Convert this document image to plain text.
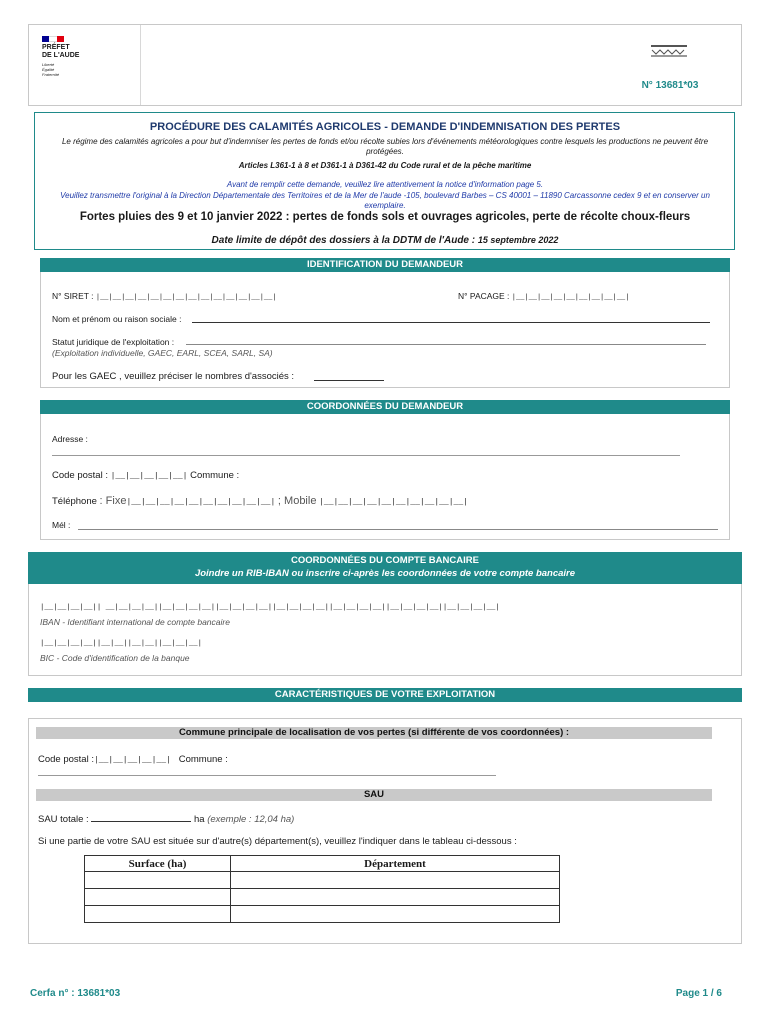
PRÉFET
DE L'AUDE
Liberté
Égalité
Fraternité
N° 13681*03
PROCÉDURE DES CALAMITÉS AGRICOLES - DEMANDE D'INDEMNISATION DES PERTES
Le régime des calamités agricoles a pour but d'indemniser les pertes de fonds et/ou récolte subies lors d'événements météorologiques contre lesquels les productions ne peuvent être protégées.
Articles L361-1 à 8 et D361-1 à D361-42 du Code rural et de la pêche maritime
Avant de remplir cette demande, veuillez lire attentivement la notice d'information page 5.
Veuillez transmettre l'original à la Direction Départementale des Territoires et de la Mer de l'aude -105, boulevard Barbes – CS 40001 – 11890 Carcassonne cedex 9 et en conserver un exemplaire.
Fortes pluies des 9 et 10 janvier 2022 : pertes de fonds sols et ouvrages agricoles, perte de récolte choux-fleurs
Date limite de dépôt des dossiers à la DDTM de l'Aude : 15 septembre 2022
IDENTIFICATION DU DEMANDEUR
N° SIRET : |__|__|__|__|__|__|__|__|__|__|__|__|__|__|	N° PACAGE : |__|__|__|__|__|__|__|__|__|
Nom et prénom ou raison sociale :
Statut juridique de l'exploitation :
(Exploitation individuelle, GAEC, EARL, SCEA, SARL, SA)
Pour les GAEC , veuillez préciser le nombres d'associés :
COORDONNÉES DU DEMANDEUR
Adresse :
Code postal : |__|__|__|__|__| Commune :
Téléphone : Fixe|__|__|__|__|__|__|__|__|__|__| ; Mobile |__|__|__|__|__|__|__|__|__|__|
Mél :
COORDONNÉES DU COMPTE BANCAIRE
Joindre un RIB-IBAN ou inscrire ci-après les coordonnées de votre compte bancaire
|__|__|__|__|| __|__|__|__||__|__|__|__||__|__|__|__||__|__|__|__||__|__|__|__||__|__|__|__||__|__|__|__|
IBAN - Identifiant international de compte bancaire
|__|__|__|__||__|__||__|__||__|__|__|
BIC - Code d'identification de la banque
CARACTÉRISTIQUES DE VOTRE EXPLOITATION
Commune principale de localisation de vos pertes (si différente de vos coordonnées) :
Code postal :|__|__|__|__|__| Commune :
SAU
SAU totale :	ha (exemple : 12,04 ha)
Si une partie de votre SAU est située sur d'autre(s) département(s), veuillez l'indiquer dans le tableau ci-dessous :
Surface (ha)	Département

Cerfa n° : 13681*03	Page 1 / 6
